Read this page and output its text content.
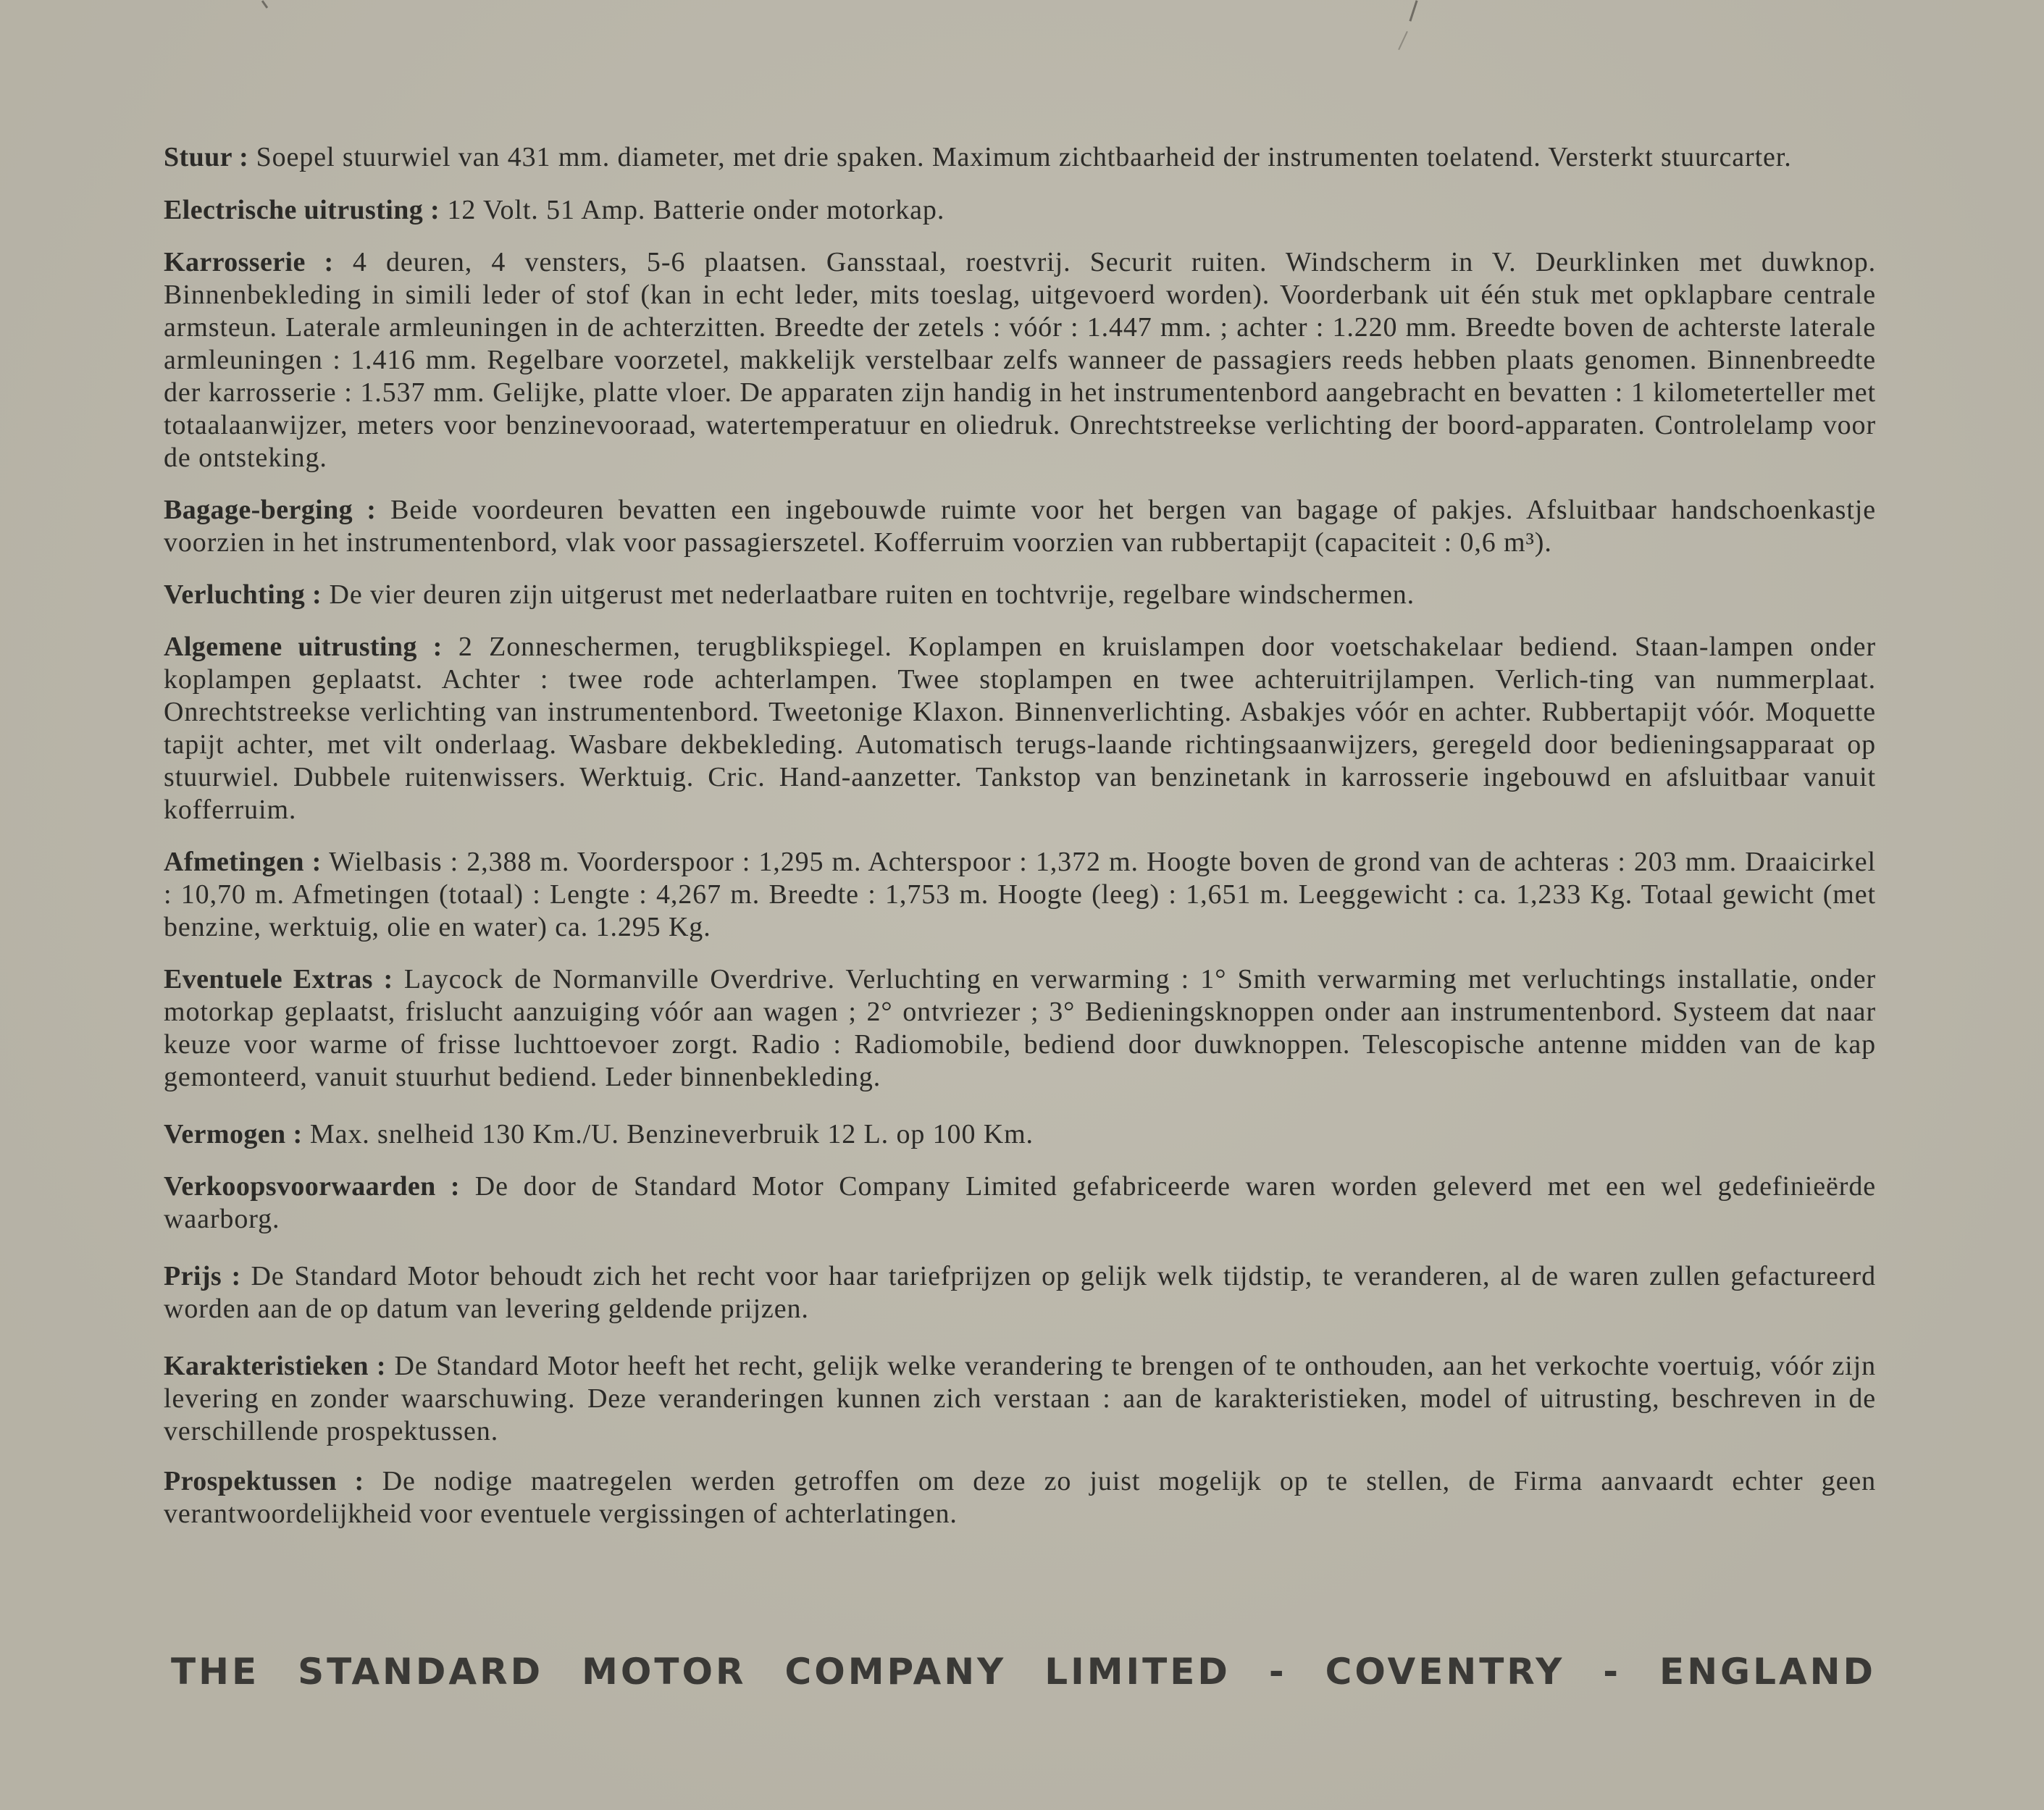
Stuur : Soepel stuurwiel van 431 mm. diameter, met drie spaken. Maximum zichtbaarheid der instrumenten toelatend. Versterkt stuurcarter.

Electrische uitrusting : 12 Volt. 51 Amp. Batterie onder motorkap.

Karrosserie : 4 deuren, 4 vensters, 5-6 plaatsen. Gansstaal, roestvrij. Securit ruiten. Windscherm in V. Deurklinken met duwknop. Binnenbekleding in simili leder of stof (kan in echt leder, mits toeslag, uitgevoerd worden). Voorderbank uit één stuk met opklapbare centrale armsteun. Laterale armleuningen in de achterzitten. Breedte der zetels : vóór : 1.447 mm. ; achter : 1.220 mm. Breedte boven de achterste laterale armleuningen : 1.416 mm. Regelbare voorzetel, makkelijk verstelbaar zelfs wanneer de passagiers reeds hebben plaats genomen. Binnenbreedte der karrosserie : 1.537 mm. Gelijke, platte vloer. De apparaten zijn handig in het instrumentenbord aangebracht en bevatten : 1 kilometerteller met totaalaanwijzer, meters voor benzinevooraad, watertemperatuur en oliedruk. Onrechtstreekse verlichting der boord-apparaten. Controlelamp voor de ontsteking.

Bagage-berging : Beide voordeuren bevatten een ingebouwde ruimte voor het bergen van bagage of pakjes. Afsluitbaar handschoenkastje voorzien in het instrumentenbord, vlak voor passagierszetel. Kofferruim voorzien van rubbertapijt (capaciteit : 0,6 m³).

Verluchting : De vier deuren zijn uitgerust met nederlaatbare ruiten en tochtvrije, regelbare windschermen.

Algemene uitrusting : 2 Zonneschermen, terugblikspiegel. Koplampen en kruislampen door voetschakelaar bediend. Staan-lampen onder koplampen geplaatst. Achter : twee rode achterlampen. Twee stoplampen en twee achteruitrijlampen. Verlich-ting van nummerplaat. Onrechtstreekse verlichting van instrumentenbord. Tweetonige Klaxon. Binnenverlichting. Asbakjes vóór en achter. Rubbertapijt vóór. Moquette tapijt achter, met vilt onderlaag. Wasbare dekbekleding. Automatisch terugs-laande richtingsaanwijzers, geregeld door bedieningsapparaat op stuurwiel. Dubbele ruitenwissers. Werktuig. Cric. Hand-aanzetter. Tankstop van benzinetank in karrosserie ingebouwd en afsluitbaar vanuit kofferruim.

Afmetingen : Wielbasis : 2,388 m. Voorderspoor : 1,295 m. Achterspoor : 1,372 m. Hoogte boven de grond van de achteras : 203 mm. Draaicirkel : 10,70 m. Afmetingen (totaal) : Lengte : 4,267 m. Breedte : 1,753 m. Hoogte (leeg) : 1,651 m. Leeggewicht : ca. 1,233 Kg. Totaal gewicht (met benzine, werktuig, olie en water) ca. 1.295 Kg.

Eventuele Extras : Laycock de Normanville Overdrive. Verluchting en verwarming : 1° Smith verwarming met verluchtings installatie, onder motorkap geplaatst, frislucht aanzuiging vóór aan wagen ; 2° ontvriezer ; 3° Bedieningsknoppen onder aan instrumentenbord. Systeem dat naar keuze voor warme of frisse luchttoevoer zorgt. Radio : Radiomobile, bediend door duwknoppen. Telescopische antenne midden van de kap gemonteerd, vanuit stuurhut bediend. Leder binnenbekleding.

Vermogen : Max. snelheid 130 Km./U. Benzineverbruik 12 L. op 100 Km.

Verkoopsvoorwaarden : De door de Standard Motor Company Limited gefabriceerde waren worden geleverd met een wel gedefinieërde waarborg.

Prijs : De Standard Motor behoudt zich het recht voor haar tariefprijzen op gelijk welk tijdstip, te veranderen, al de waren zullen gefactureerd worden aan de op datum van levering geldende prijzen.

Karakteristieken : De Standard Motor heeft het recht, gelijk welke verandering te brengen of te onthouden, aan het verkochte voertuig, vóór zijn levering en zonder waarschuwing. Deze veranderingen kunnen zich verstaan : aan de karakteristieken, model of uitrusting, beschreven in de verschillende prospektussen.

Prospektussen : De nodige maatregelen werden getroffen om deze zo juist mogelijk op te stellen, de Firma aanvaardt echter geen verantwoordelijkheid voor eventuele vergissingen of achterlatingen.

THE STANDARD MOTOR COMPANY LIMITED - COVENTRY - ENGLAND
